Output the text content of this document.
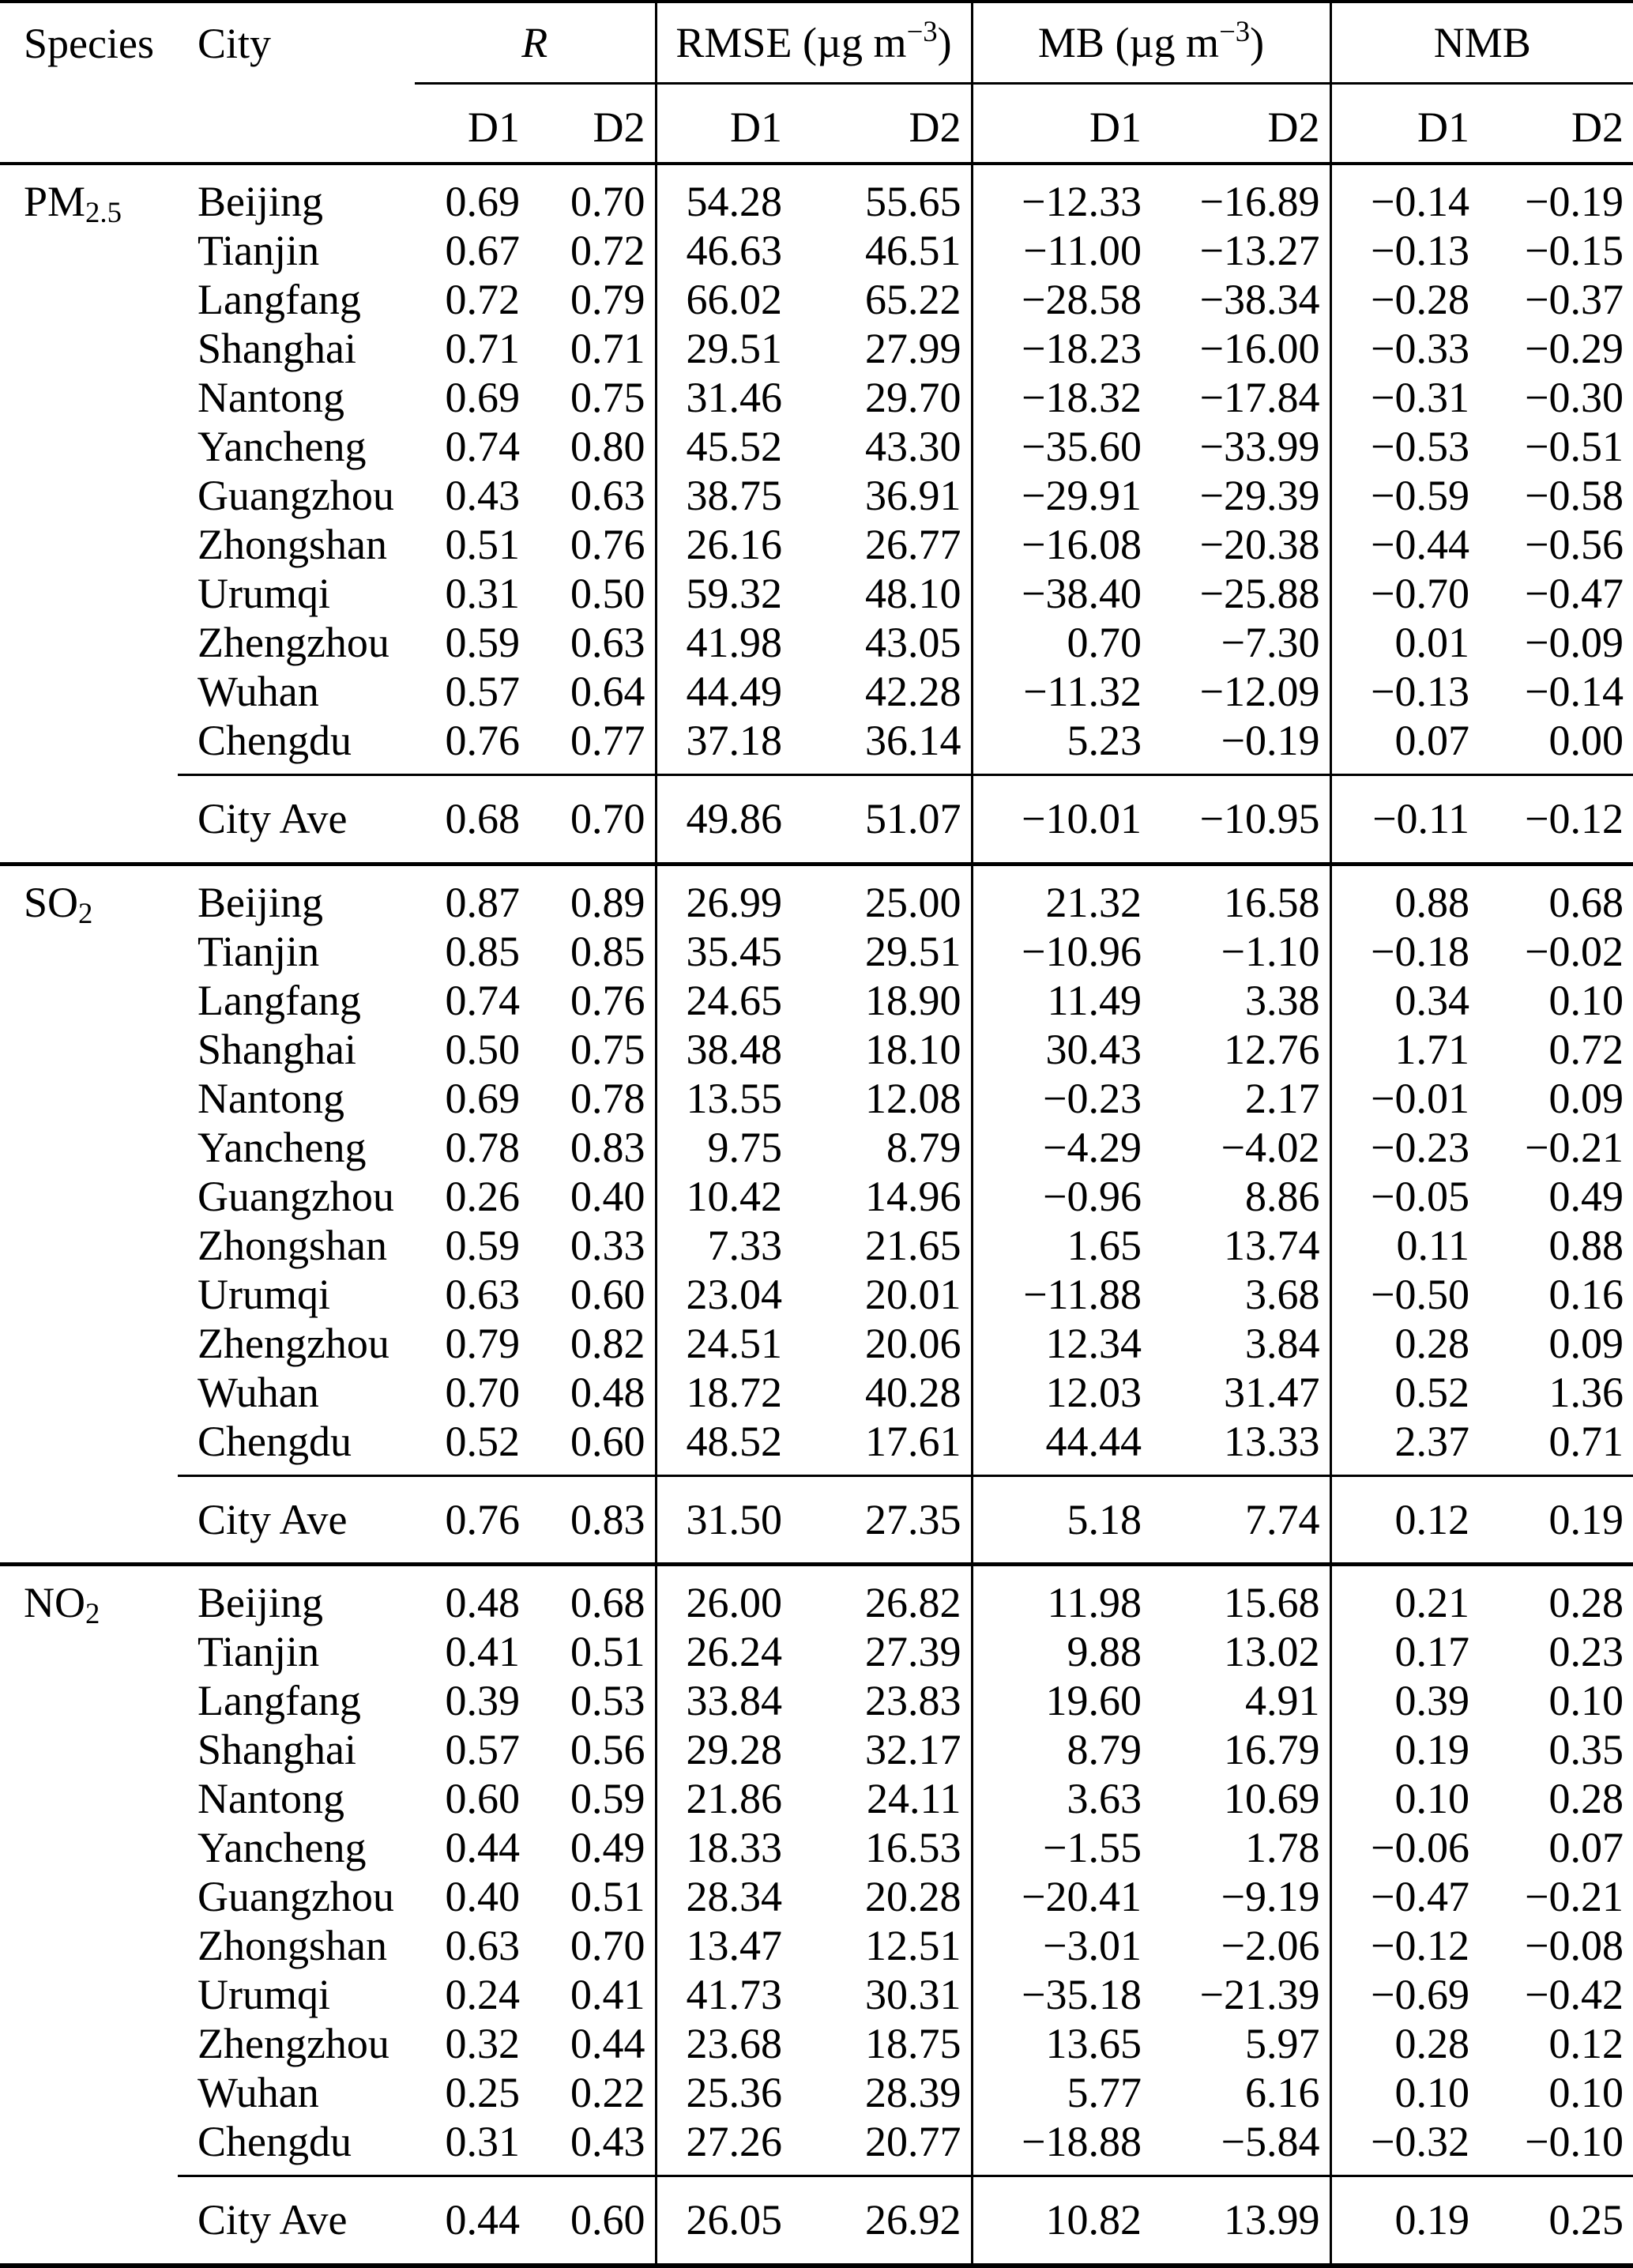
Species	City	R		RMSE (µg $m^{-3}$)		MB (µg $m^{-3}$)		NMB	
		D1	D2	D1	D2	D1	D2	D1	D2
$PM_{2.5}$	Beijing	0.69	0.70	54.28	55.65	−12.33	−16.89	−0.14	−0.19
	Tianjin	0.67	0.72	46.63	46.51	−11.00	−13.27	−0.13	−0.15
	Langfang	0.72	0.79	66.02	65.22	−28.58	−38.34	−0.28	−0.37
	Shanghai	0.71	0.71	29.51	27.99	−18.23	−16.00	−0.33	−0.29
	Nantong	0.69	0.75	31.46	29.70	−18.32	−17.84	−0.31	−0.30
	Yancheng	0.74	0.80	45.52	43.30	−35.60	−33.99	−0.53	−0.51
	Guangzhou	0.43	0.63	38.75	36.91	−29.91	−29.39	−0.59	−0.58
	Zhongshan	0.51	0.76	26.16	26.77	−16.08	−20.38	−0.44	−0.56
	Urumqi	0.31	0.50	59.32	48.10	−38.40	−25.88	−0.70	−0.47
	Zhengzhou	0.59	0.63	41.98	43.05	0.70	−7.30	0.01	−0.09
	Wuhan	0.57	0.64	44.49	42.28	−11.32	−12.09	−0.13	−0.14
	Chengdu	0.76	0.77	37.18	36.14	5.23	−0.19	0.07	0.00
	City Ave	0.68	0.70	49.86	51.07	−10.01	−10.95	−0.11	−0.12
$SO_2$	Beijing	0.87	0.89	26.99	25.00	21.32	16.58	0.88	0.68
	Tianjin	0.85	0.85	35.45	29.51	−10.96	−1.10	−0.18	−0.02
	Langfang	0.74	0.76	24.65	18.90	11.49	3.38	0.34	0.10
	Shanghai	0.50	0.75	38.48	18.10	30.43	12.76	1.71	0.72
	Nantong	0.69	0.78	13.55	12.08	−0.23	2.17	−0.01	0.09
	Yancheng	0.78	0.83	9.75	8.79	−4.29	−4.02	−0.23	−0.21
	Guangzhou	0.26	0.40	10.42	14.96	−0.96	8.86	−0.05	0.49
	Zhongshan	0.59	0.33	7.33	21.65	1.65	13.74	0.11	0.88
	Urumqi	0.63	0.60	23.04	20.01	−11.88	3.68	−0.50	0.16
	Zhengzhou	0.79	0.82	24.51	20.06	12.34	3.84	0.28	0.09
	Wuhan	0.70	0.48	18.72	40.28	12.03	31.47	0.52	1.36
	Chengdu	0.52	0.60	48.52	17.61	44.44	13.33	2.37	0.71
	City Ave	0.76	0.83	31.50	27.35	5.18	7.74	0.12	0.19
$NO_2$	Beijing	0.48	0.68	26.00	26.82	11.98	15.68	0.21	0.28
	Tianjin	0.41	0.51	26.24	27.39	9.88	13.02	0.17	0.23
	Langfang	0.39	0.53	33.84	23.83	19.60	4.91	0.39	0.10
	Shanghai	0.57	0.56	29.28	32.17	8.79	16.79	0.19	0.35
	Nantong	0.60	0.59	21.86	24.11	3.63	10.69	0.10	0.28
	Yancheng	0.44	0.49	18.33	16.53	−1.55	1.78	−0.06	0.07
	Guangzhou	0.40	0.51	28.34	20.28	−20.41	−9.19	−0.47	−0.21
	Zhongshan	0.63	0.70	13.47	12.51	−3.01	−2.06	−0.12	−0.08
	Urumqi	0.24	0.41	41.73	30.31	−35.18	−21.39	−0.69	−0.42
	Zhengzhou	0.32	0.44	23.68	18.75	13.65	5.97	0.28	0.12
	Wuhan	0.25	0.22	25.36	28.39	5.77	6.16	0.10	0.10
	Chengdu	0.31	0.43	27.26	20.77	−18.88	−5.84	−0.32	−0.10
	City Ave	0.44	0.60	26.05	26.92	10.82	13.99	0.19	0.25
